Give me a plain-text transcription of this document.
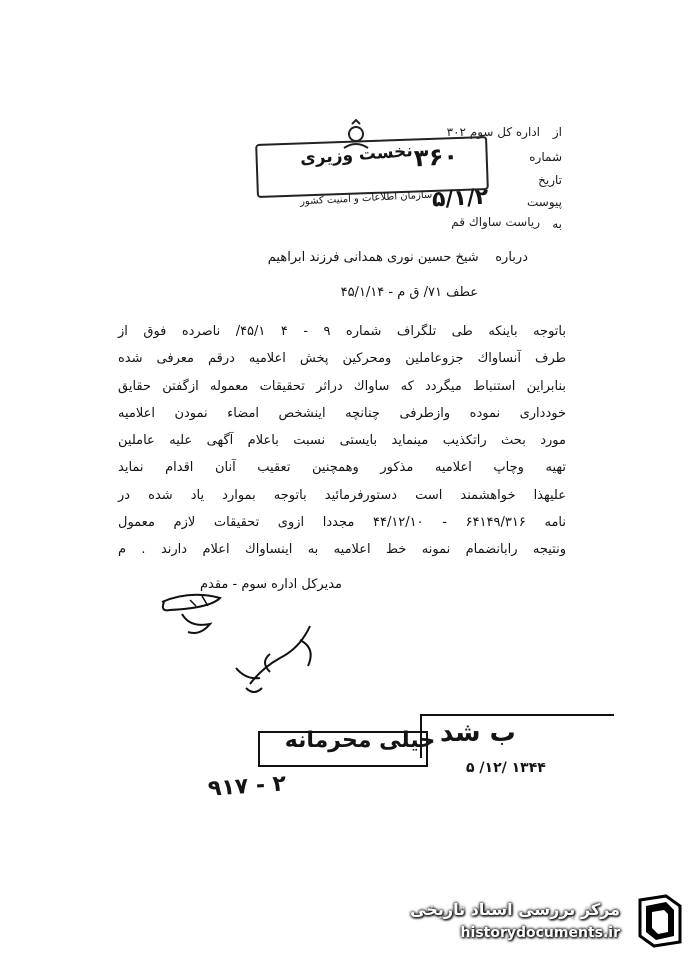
از
اداره كل سوم ۳۰۲
شماره
تاريخ
پيوست
به
رياست ساواك قم
نخست وزیری ۳۶۰
سازمان اطلاعات و امنیت کشور
۵/۱/۲
درباره    شیخ حسین نوری همدانی فرزند ابراهیم
عطف ۷۱/ ق م - ۴۵/۱/۱۴
باتوجه باینكه طی تلگراف شماره ۹ - ۴ ۴۵/۱/ ناصرده فوق از
طرف آنساواك جزوعاملین ومحركین پخش اعلامیه درقم معرفی شده
بنابراین استنباط میگردد كه ساواك دراثر تحقیقات معموله ازگفتن حقایق
خودداری نموده وازطرفی چنانچه اینشخص امضاء نمودن اعلامیه
مورد بحث راتكذیب مینماید بایستی نسبت باعلام آگهی علیه عاملین
تهیه وچاپ اعلامیه مذكور وهمچنین تعقیب آنان اقدام نماید
علیهذا خواهشمند است دستورفرمائید باتوجه بموارد یاد شده در
نامه ۶۴۱۴۹/۳۱۶ - ۴۴/۱۲/۱۰ مجددا ازوی تحقیقات لازم معمول
ونتیجه رابانضمام نمونه خط اعلامیه به اینساواك اعلام دارند . م
مدیركل اداره سوم - مقدم
خیلی محرمانه ب شد
۵ /۱۲/ ۱۳۴۴
۹۱۷ - ۲
مرکز بررسی اسناد تاریخی
historydocuments.ir
